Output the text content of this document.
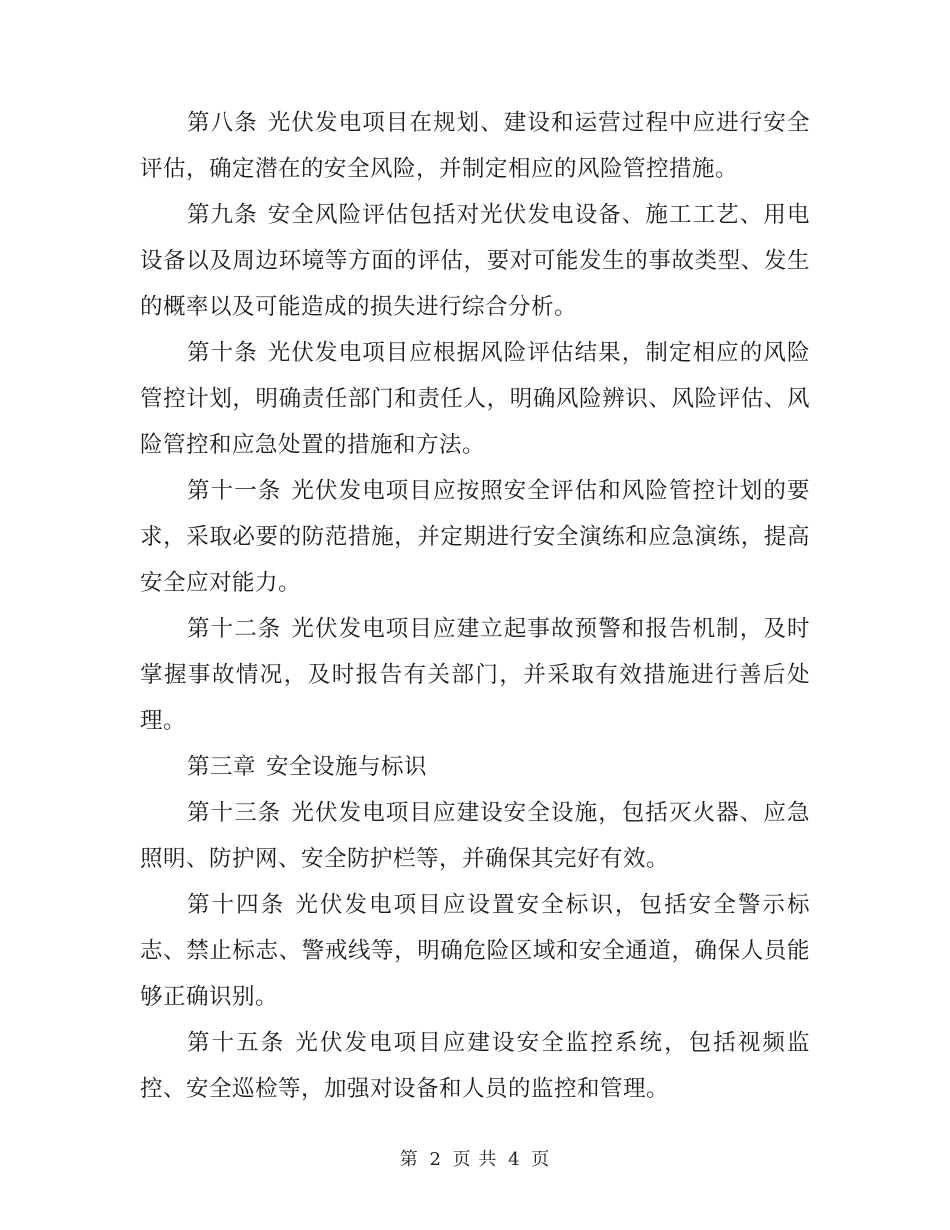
第八条 光伏发电项目在规划、建设和运营过程中应进行安全评估，确定潜在的安全风险，并制定相应的风险管控措施。

第九条 安全风险评估包括对光伏发电设备、施工工艺、用电设备以及周边环境等方面的评估，要对可能发生的事故类型、发生的概率以及可能造成的损失进行综合分析。

第十条 光伏发电项目应根据风险评估结果，制定相应的风险管控计划，明确责任部门和责任人，明确风险辨识、风险评估、风险管控和应急处置的措施和方法。

第十一条 光伏发电项目应按照安全评估和风险管控计划的要求，采取必要的防范措施，并定期进行安全演练和应急演练，提高安全应对能力。

第十二条 光伏发电项目应建立起事故预警和报告机制，及时掌握事故情况，及时报告有关部门，并采取有效措施进行善后处理。

第三章 安全设施与标识

第十三条 光伏发电项目应建设安全设施，包括灭火器、应急照明、防护网、安全防护栏等，并确保其完好有效。

第十四条 光伏发电项目应设置安全标识，包括安全警示标志、禁止标志、警戒线等，明确危险区域和安全通道，确保人员能够正确识别。

第十五条 光伏发电项目应建设安全监控系统，包括视频监控、安全巡检等，加强对设备和人员的监控和管理。

第 2 页 共 4 页
